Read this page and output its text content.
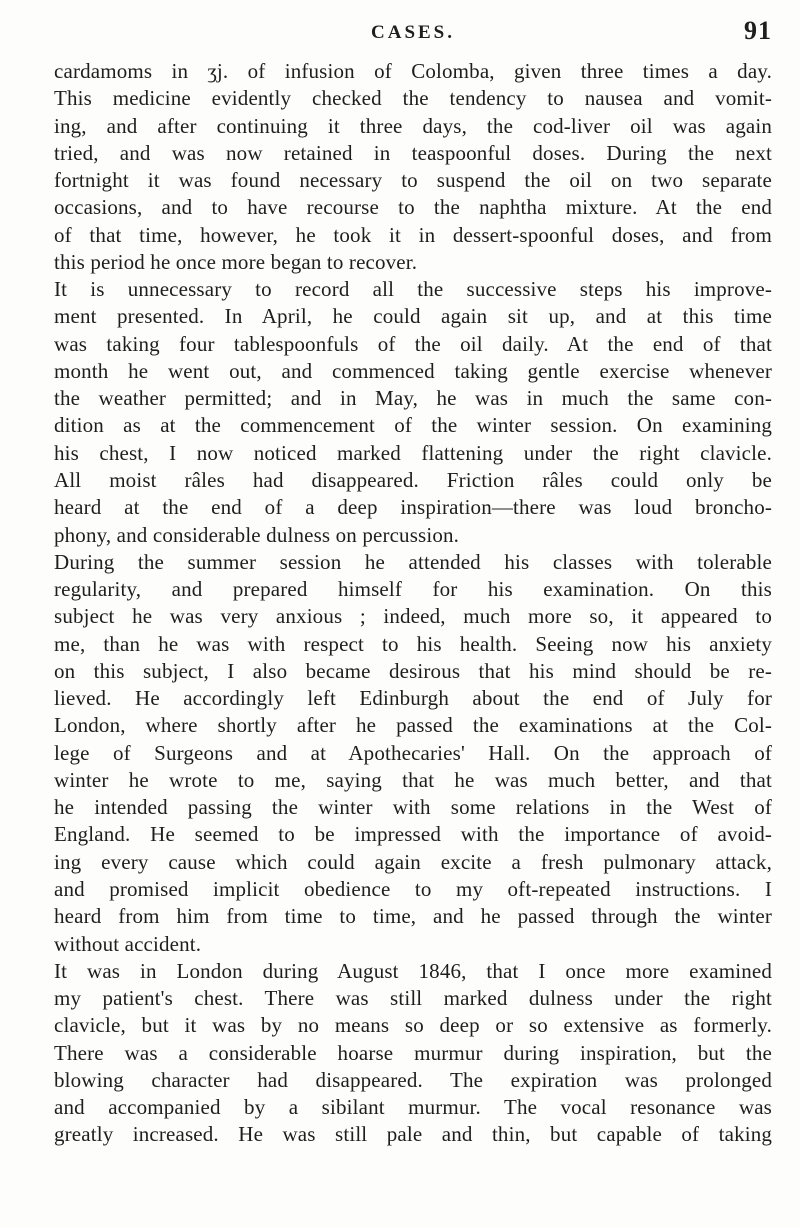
CASES.	91
cardamoms in ʒj. of infusion of Colomba, given three times a day.
This medicine evidently checked the tendency to nausea and vomit-
ing, and after continuing it three days, the cod-liver oil was again
tried, and was now retained in teaspoonful doses. During the next
fortnight it was found necessary to suspend the oil on two separate
occasions, and to have recourse to the naphtha mixture. At the end
of that time, however, he took it in dessert-spoonful doses, and from
this period he once more began to recover.
It is unnecessary to record all the successive steps his improve-
ment presented. In April, he could again sit up, and at this time
was taking four tablespoonfuls of the oil daily. At the end of that
month he went out, and commenced taking gentle exercise whenever
the weather permitted; and in May, he was in much the same con-
dition as at the commencement of the winter session. On examining
his chest, I now noticed marked flattening under the right clavicle.
All moist râles had disappeared. Friction râles could only be
heard at the end of a deep inspiration—there was loud broncho-
phony, and considerable dulness on percussion.
During the summer session he attended his classes with tolerable
regularity, and prepared himself for his examination. On this
subject he was very anxious ; indeed, much more so, it appeared to
me, than he was with respect to his health. Seeing now his anxiety
on this subject, I also became desirous that his mind should be re-
lieved. He accordingly left Edinburgh about the end of July for
London, where shortly after he passed the examinations at the Col-
lege of Surgeons and at Apothecaries' Hall. On the approach of
winter he wrote to me, saying that he was much better, and that
he intended passing the winter with some relations in the West of
England. He seemed to be impressed with the importance of avoid-
ing every cause which could again excite a fresh pulmonary attack,
and promised implicit obedience to my oft-repeated instructions. I
heard from him from time to time, and he passed through the winter
without accident.
It was in London during August 1846, that I once more examined
my patient's chest. There was still marked dulness under the right
clavicle, but it was by no means so deep or so extensive as formerly.
There was a considerable hoarse murmur during inspiration, but the
blowing character had disappeared. The expiration was prolonged
and accompanied by a sibilant murmur. The vocal resonance was
greatly increased. He was still pale and thin, but capable of taking
